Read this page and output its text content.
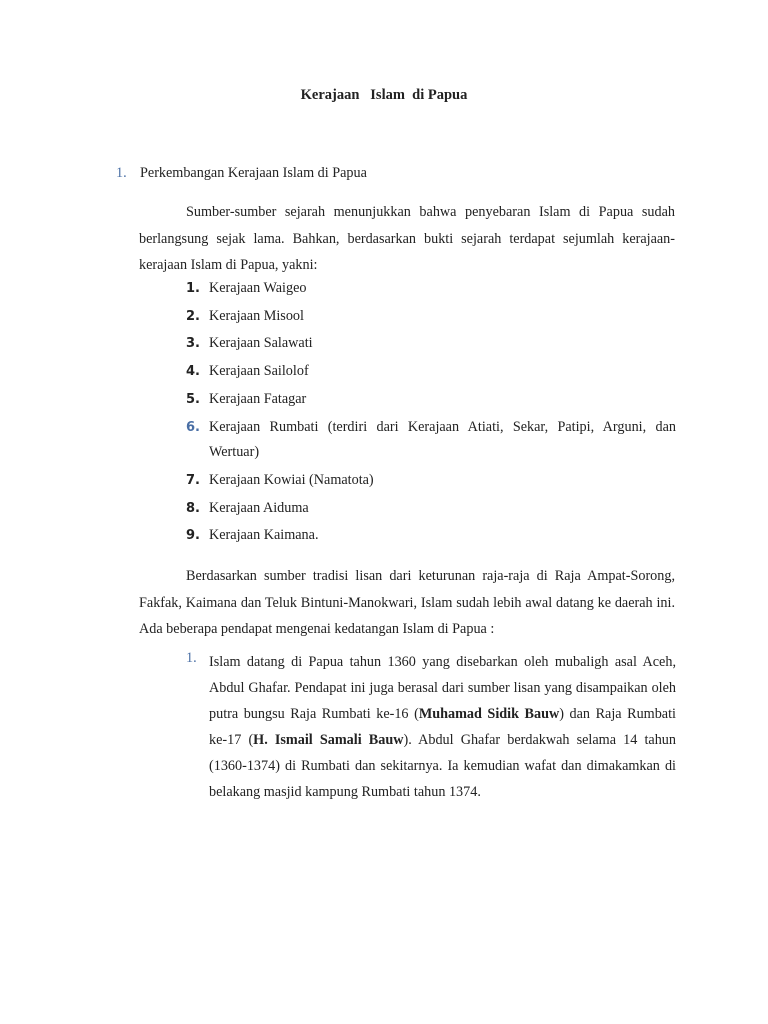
Kerajaan   Islam  di Papua
1. Perkembangan Kerajaan Islam di Papua
Sumber-sumber sejarah menunjukkan bahwa penyebaran Islam di Papua sudah berlangsung sejak lama. Bahkan, berdasarkan bukti sejarah terdapat sejumlah kerajaan-kerajaan Islam di Papua, yakni:
1. Kerajaan Waigeo
2. Kerajaan Misool
3. Kerajaan Salawati
4. Kerajaan Sailolof
5. Kerajaan Fatagar
6. Kerajaan Rumbati (terdiri dari Kerajaan Atiati, Sekar, Patipi, Arguni, dan Wertuar)
7. Kerajaan Kowiai (Namatota)
8. Kerajaan Aiduma
9. Kerajaan Kaimana.
Berdasarkan sumber tradisi lisan dari keturunan raja-raja di Raja Ampat-Sorong, Fakfak, Kaimana dan Teluk Bintuni-Manokwari, Islam sudah lebih awal datang ke daerah ini. Ada beberapa pendapat mengenai kedatangan Islam di Papua :
1. Islam datang di Papua tahun 1360 yang disebarkan oleh mubaligh asal Aceh, Abdul Ghafar. Pendapat ini juga berasal dari sumber lisan yang disampaikan oleh putra bungsu Raja Rumbati ke-16 (Muhamad Sidik Bauw) dan Raja Rumbati ke-17 (H. Ismail Samali Bauw). Abdul Ghafar berdakwah selama 14 tahun (1360-1374) di Rumbati dan sekitarnya. Ia kemudian wafat dan dimakamkan di belakang masjid kampung Rumbati tahun 1374.
